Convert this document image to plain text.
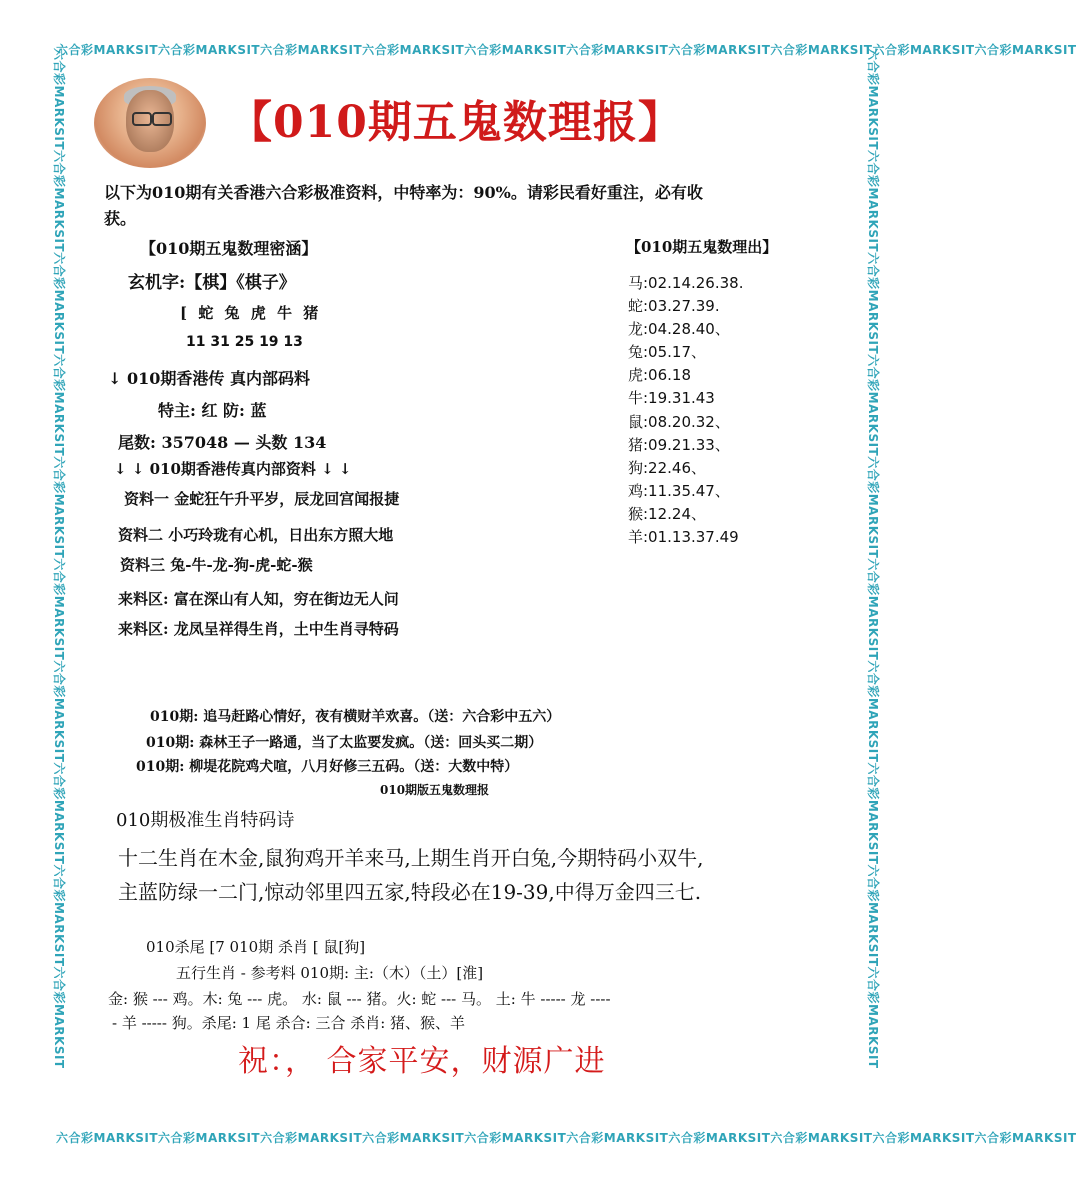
六合彩MARKSIT六合彩MARKSIT六合彩MARKSIT六合彩MARKSIT六合彩MARKSIT六合彩MARKSIT六合彩MARKSIT六合彩MARKSIT六合彩MARKSIT六合彩MARKSIT
六合彩MARKSIT六合彩MARKSIT六合彩MARKSIT六合彩MARKSIT六合彩MARKSIT六合彩MARKSIT六合彩MARKSIT六合彩MARKSIT六合彩MARKSIT六合彩MARKSIT
六合彩MARKSIT六合彩MARKSIT六合彩MARKSIT六合彩MARKSIT六合彩MARKSIT六合彩MARKSIT六合彩MARKSIT六合彩MARKSIT六合彩MARKSIT六合彩MARKSIT	六合彩MARKSIT六合彩MARKSIT六合彩MARKSIT六合彩MARKSIT六合彩MARKSIT六合彩MARKSIT六合彩MARKSIT六合彩MARKSIT六合彩MARKSIT六合彩MARKSIT
【010期五鬼数理报】
以下为010期有关香港六合彩极准资料，中特率为：90%。请彩民看好重注，必有收
获。
【010期五鬼数理密涵】
玄机字:【棋】《棋子》
[ 蛇 兔 虎 牛 猪
11 31 25 19 13
↓ 010期香港传 真内部码料
特主: 红 防: 蓝
尾数: 357048 — 头数 134
↓ ↓ 010期香港传真内部资料 ↓ ↓
资料一 金蛇狂午升平岁，辰龙回宫闻报捷
资料二 小巧玲珑有心机，日出东方照大地
资料三 兔-牛-龙-狗-虎-蛇-猴
来料区: 富在深山有人知，穷在街边无人问
来料区: 龙凤呈祥得生肖，土中生肖寻特码
【010期五鬼数理出】
马:02.14.26.38.
蛇:03.27.39.
龙:04.28.40、
兔:05.17、
虎:06.18
牛:19.31.43
鼠:08.20.32、
猪:09.21.33、
狗:22.46、
鸡:11.35.47、
猴:12.24、
羊:01.13.37.49
010期: 追马赶路心情好，夜有横财羊欢喜。（送：六合彩中五六）
010期: 森林王子一路通，当了太监要发疯。（送：回头买二期）
010期: 柳堤花院鸡犬喧，八月好修三五码。（送：大数中特）
010期版五鬼数理报
010期极准生肖特码诗
十二生肖在木金,鼠狗鸡开羊来马,上期生肖开白兔,今期特码小双牛,
主蓝防绿一二门,惊动邻里四五家,特段必在19-39,中得万金四三七.
010杀尾 [7 010期 杀肖 [ 鼠[狗]
五行生肖 - 参考料 010期: 主:（木）（土）[淮]
金: 猴 --- 鸡。木: 兔 --- 虎。 水: 鼠 --- 猪。火: 蛇 --- 马。 土: 牛 ----- 龙 ----
- 羊 ----- 狗。杀尾: 1 尾 杀合: 三合 杀肖: 猪、猴、羊
祝：， 合家平安，财源广进
